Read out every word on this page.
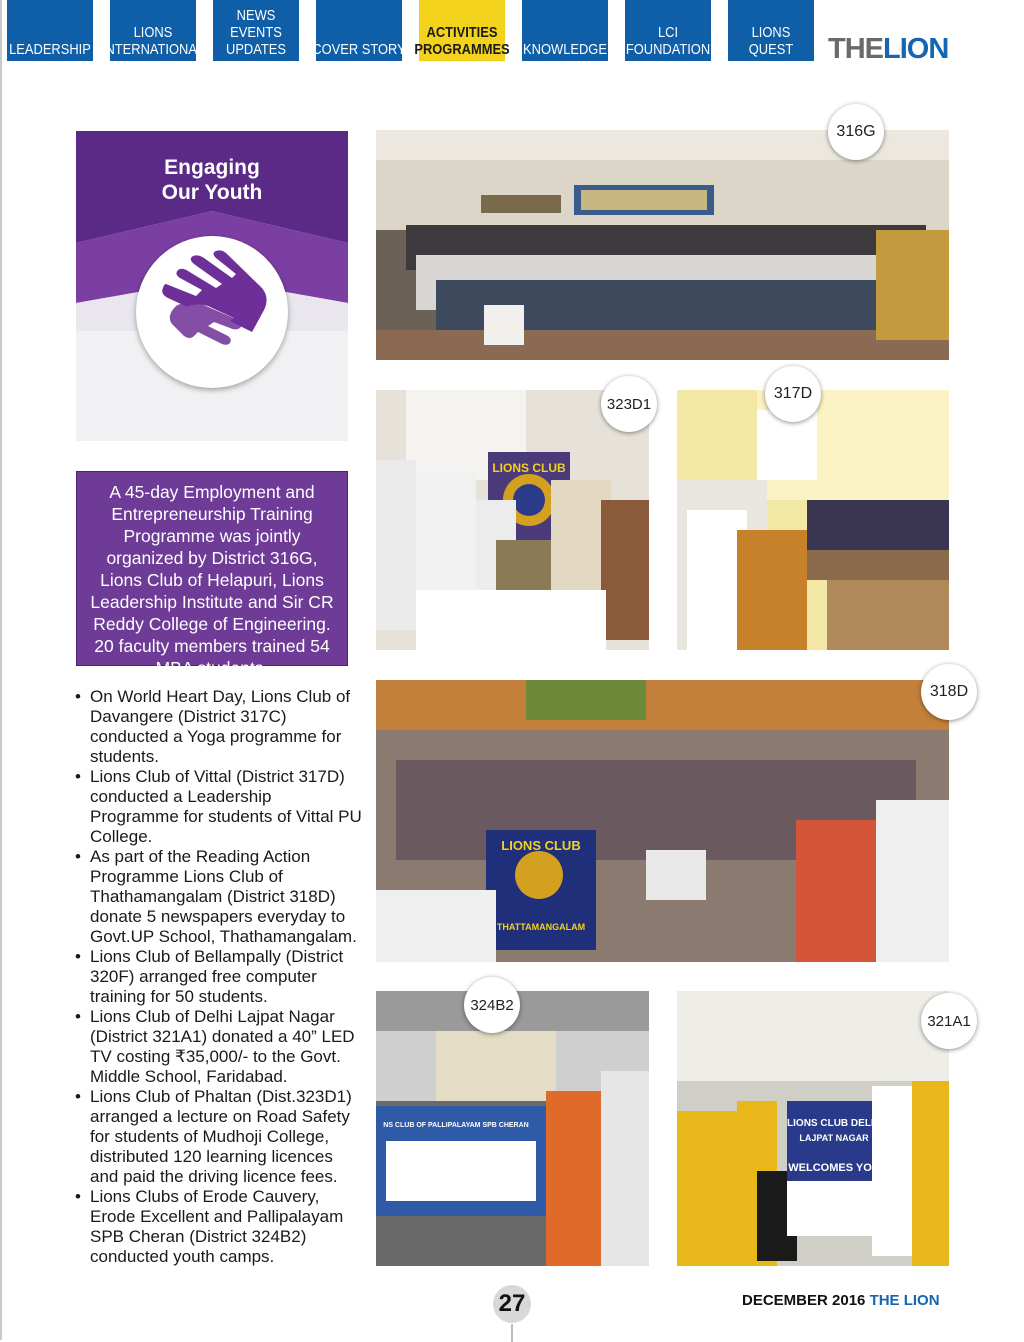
LEADERSHIP
LIONS
INTERNATIONAL
NEWS
EVENTS
UPDATES COVER STORY
ACTIVITIES
PROGRAMMES KNOWLEDGE
LCI
FOUNDATION
LIONS
QUEST THELION
Engaging
Our Youth
A 45-day Employment and Entrepreneurship Training Programme was jointly organized by District 316G, Lions Club of Helapuri, Lions Leadership Institute and Sir CR Reddy College of Engineering. 20 faculty members trained 54 MBA students.
• On World Heart Day, Lions Club of Davangere (District 317C) conducted a Yoga programme for students.
• Lions Club of Vittal (District 317D) conducted a Leadership Programme for students of Vittal PU College.
• As part of the Reading Action Programme Lions Club of Thathamangalam (District 318D) donate 5 newspapers everyday to Govt.UP School, Thathamangalam.
• Lions Club of Bellampally (District 320F) arranged free computer training for 50 students.
• Lions Club of Delhi Lajpat Nagar (District 321A1) donated a 40” LED TV costing ₹35,000/- to the Govt. Middle School, Faridabad.
• Lions Club of Phaltan (Dist.323D1) arranged a lecture on Road Safety for students of Mudhoji College, distributed 120 learning licences and paid the driving licence fees.
• Lions Clubs of Erode Cauvery, Erode Excellent and Pallipalayam SPB Cheran (District 324B2) conducted youth camps.
316G
LIONS CLUB
323D1
317D
LIONS CLUB
THATTAMANGALAM
318D
NS CLUB OF PALLIPALAYAM SPB CHERAN
324B2
LIONS CLUB DELHI
LAJPAT NAGAR
WELCOMES YOU
321A1
27	DECEMBER 2016 THE LION
